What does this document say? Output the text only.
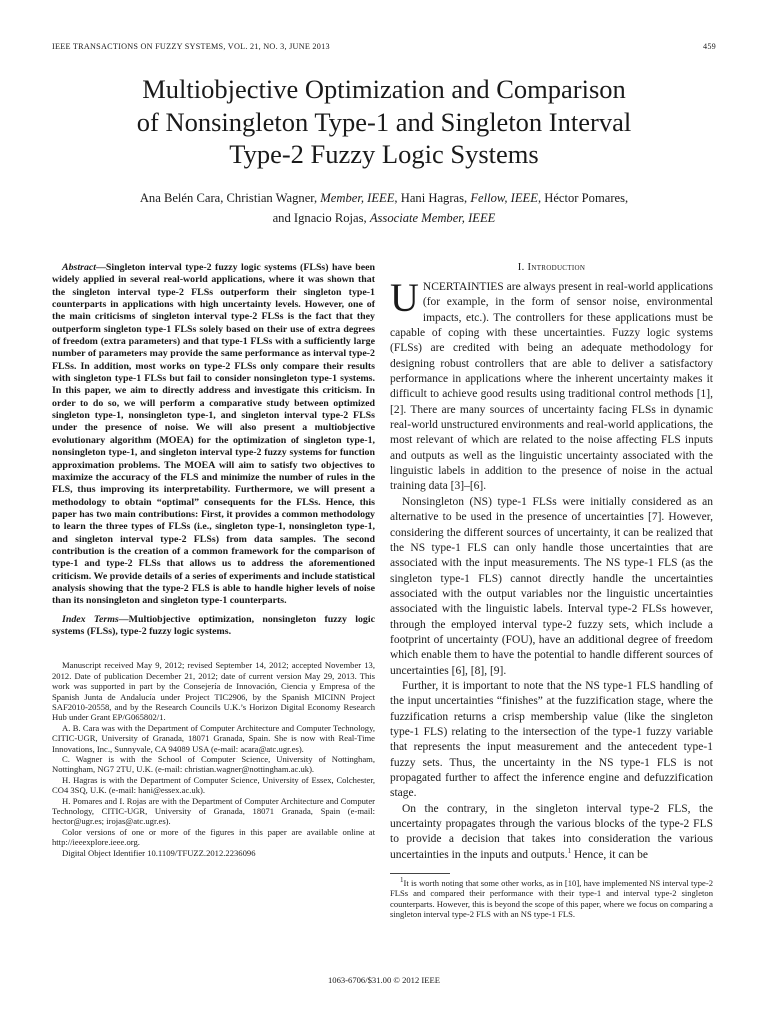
IEEE TRANSACTIONS ON FUZZY SYSTEMS, VOL. 21, NO. 3, JUNE 2013	459
Multiobjective Optimization and Comparison
of Nonsingleton Type-1 and Singleton Interval
Type-2 Fuzzy Logic Systems
Ana Belén Cara, Christian Wagner, Member, IEEE, Hani Hagras, Fellow, IEEE, Héctor Pomares,
and Ignacio Rojas, Associate Member, IEEE

Abstract—Singleton interval type-2 fuzzy logic systems (FLSs) have been widely applied in several real-world applications, where it was shown that the singleton interval type-2 FLSs outperform their singleton type-1 counterparts in applications with high uncertainty levels. However, one of the main criticisms of singleton interval type-2 FLSs is the fact that they outperform singleton type-1 FLSs solely based on their use of extra degrees of freedom (extra parameters) and that type-1 FLSs with a sufficiently large number of parameters may provide the same performance as interval type-2 FLSs. In addition, most works on type-2 FLSs only compare their results with singleton type-1 FLSs but fail to consider nonsingleton type-1 systems. In this paper, we aim to directly address and investigate this criticism. In order to do so, we will perform a comparative study between optimized singleton type-1, nonsingleton type-1, and singleton interval type-2 FLSs under the presence of noise. We will also present a multiobjective evolutionary algorithm (MOEA) for the optimization of singleton type-1, nonsingleton type-1, and singleton interval type-2 fuzzy systems for function approximation problems. The MOEA will aim to satisfy two objectives to maximize the accuracy of the FLS and minimize the number of rules in the FLS, thus improving its interpretability. Furthermore, we will present a methodology to obtain “optimal” consequents for the FLSs. Hence, this paper has two main contributions: First, it provides a common methodology to learn the three types of FLSs (i.e., singleton type-1, nonsingleton type-1, and singleton interval type-2 FLSs) from data samples. The second contribution is the creation of a common framework for the comparison of type-1 and type-2 FLSs that allows us to address the aforementioned criticism. We provide details of a series of experiments and include statistical analysis showing that the type-2 FLS is able to handle higher levels of noise than its nonsingleton and singleton type-1 counterparts.

Index Terms—Multiobjective optimization, nonsingleton fuzzy logic systems (FLSs), type-2 fuzzy logic systems.

Manuscript received May 9, 2012; revised September 14, 2012; accepted November 13, 2012. Date of publication December 21, 2012; date of current version May 29, 2013. This work was supported in part by the Consejería de Innovación, Ciencia y Empresa of the Spanish Junta de Andalucía under Project TIC2906, by the Spanish MICINN Project SAF2010-20558, and by the Research Councils U.K.’s Horizon Digital Economy Research Hub under Grant EP/G065802/1.

A. B. Cara was with the Department of Computer Architecture and Computer Technology, CITIC-UGR, University of Granada, 18071 Granada, Spain. She is now with Real-Time Innovations, Inc., Sunnyvale, CA 94089 USA (e-mail: acara@atc.ugr.es).

C. Wagner is with the School of Computer Science, University of Nottingham, Nottingham, NG7 2TU, U.K. (e-mail: christian.wagner@nottingham.ac.uk).

H. Hagras is with the Department of Computer Science, University of Essex, Colchester, CO4 3SQ, U.K. (e-mail: hani@essex.ac.uk).

H. Pomares and I. Rojas are with the Department of Computer Architecture and Computer Technology, CITIC-UGR, University of Granada, 18071 Granada, Spain (e-mail: hector@ugr.es; irojas@atc.ugr.es).

Color versions of one or more of the figures in this paper are available online at http://ieeexplore.ieee.org.

Digital Object Identifier 10.1109/TFUZZ.2012.2236096

I. Introduction

UNCERTAINTIES are always present in real-world applications (for example, in the form of sensor noise, environmental impacts, etc.). The controllers for these applications must be capable of coping with these uncertainties. Fuzzy logic systems (FLSs) are credited with being an adequate methodology for designing robust controllers that are able to deliver a satisfactory performance in applications where the inherent uncertainty makes it difficult to achieve good results using traditional control methods [1], [2]. There are many sources of uncertainty facing FLSs in dynamic real-world unstructured environments and real-world applications, the most relevant of which are related to the noise affecting FLS inputs and outputs as well as the linguistic uncertainty associated with the linguistic labels in addition to the presence of noise in the actual training data [3]–[6].

Nonsingleton (NS) type-1 FLSs were initially considered as an alternative to be used in the presence of uncertainties [7]. However, considering the different sources of uncertainty, it can be realized that the NS type-1 FLS can only handle those uncertainties that are associated with the input measurements. The NS type-1 FLS (as the singleton type-1 FLS) cannot directly handle the uncertainties associated with the output variables nor the linguistic uncertainties associated with the linguistic labels. Interval type-2 FLSs however, through the employed interval type-2 fuzzy sets, which include a footprint of uncertainty (FOU), have an additional degree of freedom which enable them to have the potential to handle different sources of uncertainties [6], [8], [9].

Further, it is important to note that the NS type-1 FLS handling of the input uncertainties “finishes” at the fuzzification stage, where the fuzzification returns a crisp membership value (like the singleton type-1 FLS) relating to the intersection of the type-1 fuzzy variable that represents the input measurement and the antecedent type-1 fuzzy sets. Thus, the uncertainty in the NS type-1 FLS is not propagated further to affect the inference engine and defuzzification stage.

On the contrary, in the singleton interval type-2 FLS, the uncertainty propagates through the various blocks of the type-2 FLS to provide a decision that takes into consideration the various uncertainties in the inputs and outputs.$^1$ Hence, it can be

$^1$It is worth noting that some other works, as in [10], have implemented NS interval type-2 FLSs and compared their performance with their type-1 and interval type-2 singleton counterparts. However, this is beyond the scope of this paper, where we focus on comparing a singleton interval type-2 FLS with an NS type-1 FLS.

1063-6706/$31.00 © 2012 IEEE
